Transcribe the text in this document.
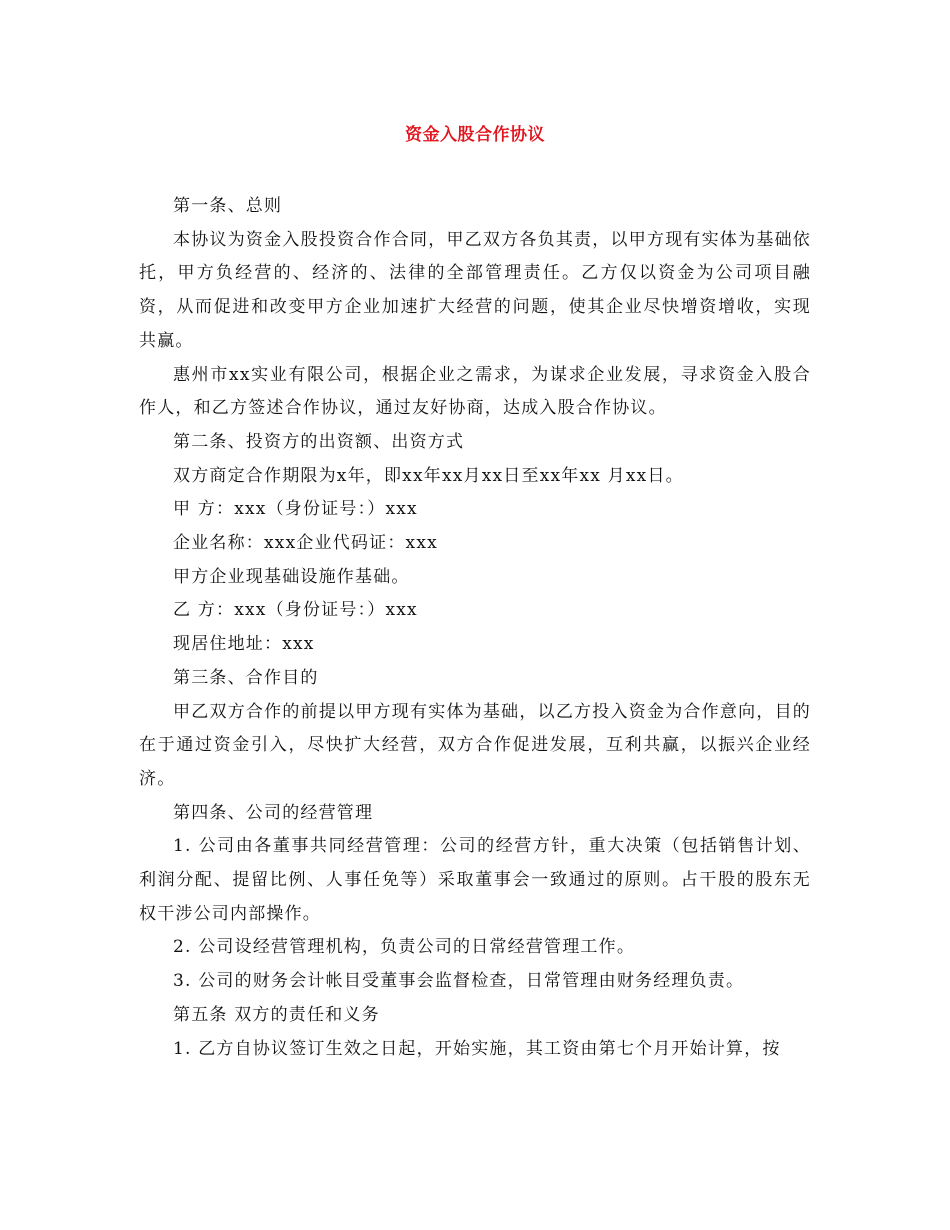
资金入股合作协议

第一条、总则

本协议为资金入股投资合作合同，甲乙双方各负其责，以甲方现有实体为基础依托，甲方负经营的、经济的、法律的全部管理责任。乙方仅以资金为公司项目融资，从而促进和改变甲方企业加速扩大经营的问题，使其企业尽快增资增收，实现共赢。

惠州市xx实业有限公司，根据企业之需求，为谋求企业发展，寻求资金入股合作人，和乙方签述合作协议，通过友好协商，达成入股合作协议。

第二条、投资方的出资额、出资方式

双方商定合作期限为x年，即xx年xx月xx日至xx年xx 月xx日。

甲 方：xxx（身份证号：）xxx

企业名称：xxx企业代码证：xxx

甲方企业现基础设施作基础。

乙 方：xxx（身份证号：）xxx

现居住地址：xxx

第三条、合作目的

甲乙双方合作的前提以甲方现有实体为基础，以乙方投入资金为合作意向，目的在于通过资金引入，尽快扩大经营，双方合作促进发展，互利共赢，以振兴企业经济。

第四条、公司的经营管理

1. 公司由各董事共同经营管理：公司的经营方针，重大决策（包括销售计划、利润分配、提留比例、人事任免等）采取董事会一致通过的原则。占干股的股东无权干涉公司内部操作。

2. 公司设经营管理机构，负责公司的日常经营管理工作。

3. 公司的财务会计帐目受董事会监督检查，日常管理由财务经理负责。

第五条 双方的责任和义务

1. 乙方自协议签订生效之日起，开始实施，其工资由第七个月开始计算，按
